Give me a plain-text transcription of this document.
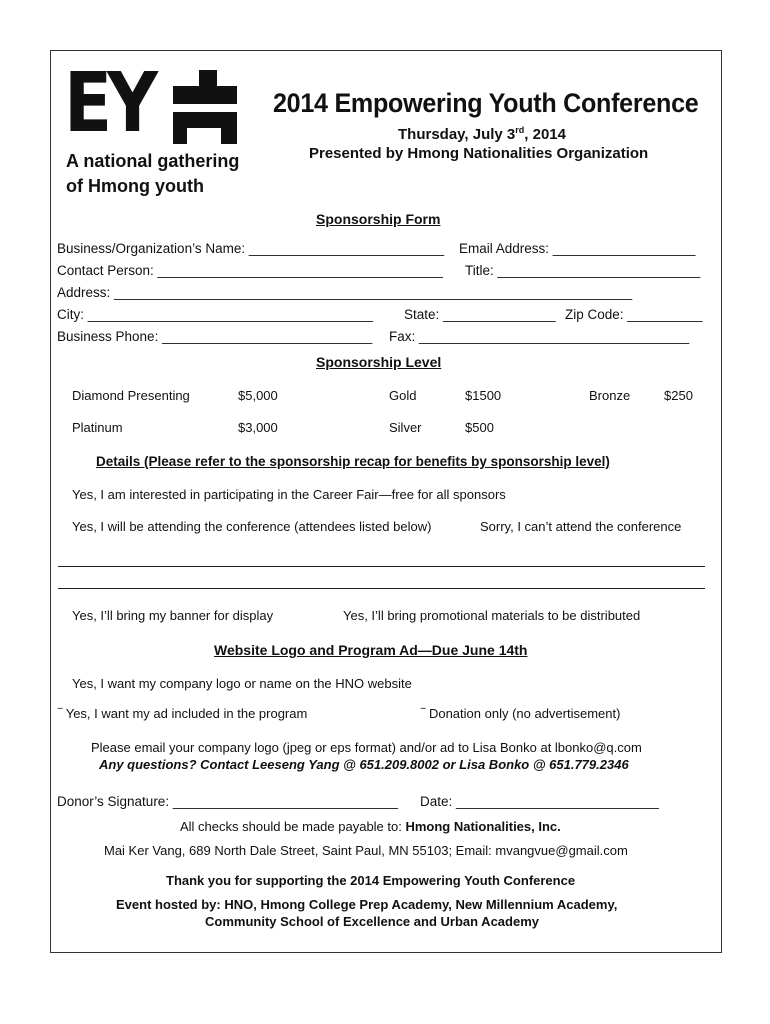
EY
A national gathering
of Hmong youth
2014 Empowering Youth Conference
Thursday, July 3rd, 2014
Presented by Hmong Nationalities Organization
Sponsorship Form
Business/Organization’s Name: __________________________ Email Address: ___________________
Contact Person: ______________________________________ Title: ___________________________
Address: _____________________________________________________________________
City: ______________________________________ State: _______________ Zip Code: __________
Business Phone: ____________________________ Fax: ____________________________________
Sponsorship Level
Diamond Presenting	$5,000	Gold	$1500	Bronze	$250
Platinum	$3,000	Silver	$500
Details (Please refer to the sponsorship recap for benefits by sponsorship level)
Yes, I am interested in participating in the Career Fair—free for all sponsors
Yes, I will be attending the conference (attendees listed below)	Sorry, I can’t attend the conference
Yes, I’ll bring my banner for display	Yes, I’ll bring promotional materials to be distributed
Website Logo and Program Ad—Due June 14th
Yes, I want my company logo or name on the HNO website
‾ Yes, I want my ad included in the program	‾ Donation only (no advertisement)
Please email your company logo (jpeg or eps format) and/or ad to Lisa Bonko at lbonko@q.com
Any questions? Contact Leeseng Yang @ 651.209.8002 or Lisa Bonko @ 651.779.2346
Donor’s Signature: ______________________________ Date: ___________________________
All checks should be made payable to: Hmong Nationalities, Inc.
Mai Ker Vang, 689 North Dale Street, Saint Paul, MN 55103; Email: mvangvue@gmail.com
Thank you for supporting the 2014 Empowering Youth Conference
Event hosted by: HNO, Hmong College Prep Academy, New Millennium Academy,
Community School of Excellence and Urban Academy
